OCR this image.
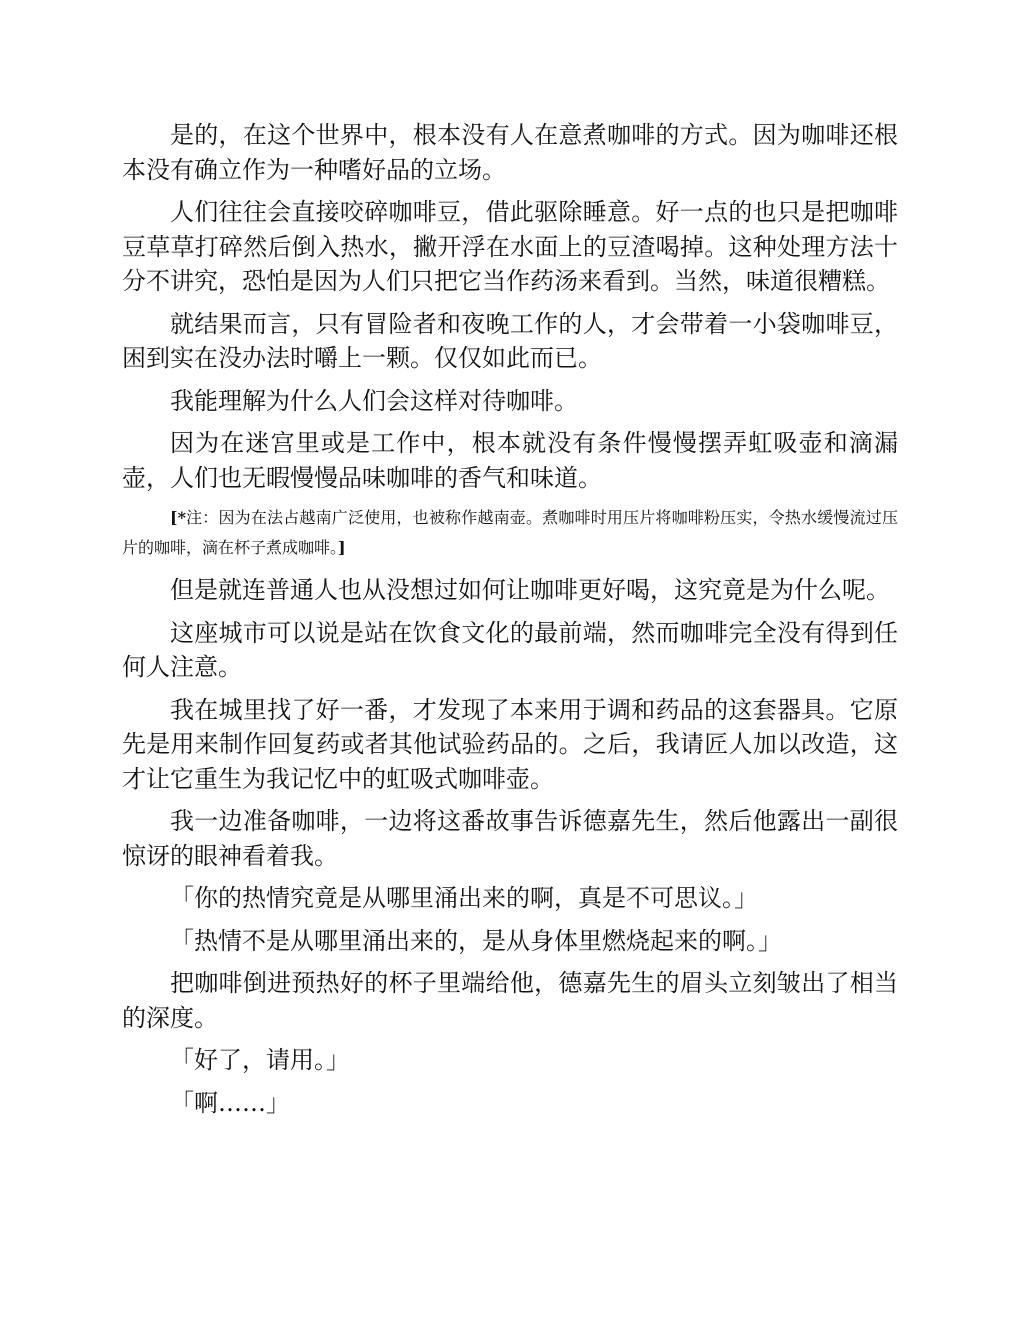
是的，在这个世界中，根本没有人在意煮咖啡的方式。因为咖啡还根本没有确立作为一种嗜好品的立场。

人们往往会直接咬碎咖啡豆，借此驱除睡意。好一点的也只是把咖啡豆草草打碎然后倒入热水，撇开浮在水面上的豆渣喝掉。这种处理方法十分不讲究，恐怕是因为人们只把它当作药汤来看到。当然，味道很糟糕。

就结果而言，只有冒险者和夜晚工作的人，才会带着一小袋咖啡豆，困到实在没办法时嚼上一颗。仅仅如此而已。

我能理解为什么人们会这样对待咖啡。

因为在迷宫里或是工作中，根本就没有条件慢慢摆弄虹吸壶和滴漏壶，人们也无暇慢慢品味咖啡的香气和味道。

[*注：因为在法占越南广泛使用，也被称作越南壶。煮咖啡时用压片将咖啡粉压实，令热水缓慢流过压片的咖啡，滴在杯子煮成咖啡。]

但是就连普通人也从没想过如何让咖啡更好喝，这究竟是为什么呢。

这座城市可以说是站在饮食文化的最前端，然而咖啡完全没有得到任何人注意。

我在城里找了好一番，才发现了本来用于调和药品的这套器具。它原先是用来制作回复药或者其他试验药品的。之后，我请匠人加以改造，这才让它重生为我记忆中的虹吸式咖啡壶。

我一边准备咖啡，一边将这番故事告诉德嘉先生，然后他露出一副很惊讶的眼神看着我。

「你的热情究竟是从哪里涌出来的啊，真是不可思议。」

「热情不是从哪里涌出来的，是从身体里燃烧起来的啊。」

把咖啡倒进预热好的杯子里端给他，德嘉先生的眉头立刻皱出了相当的深度。

「好了，请用。」

「啊……」
